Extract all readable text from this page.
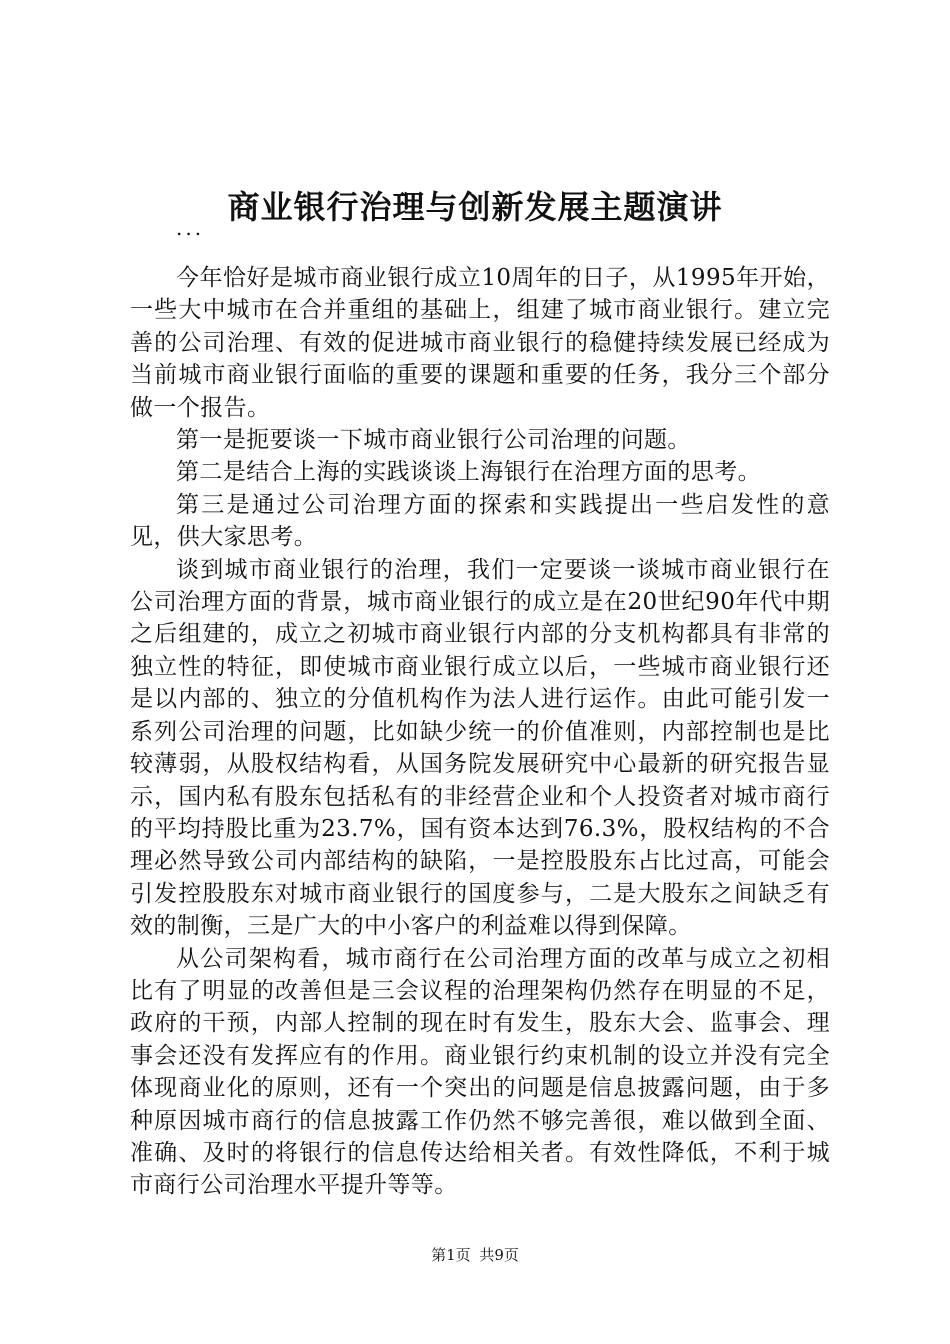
商业银行治理与创新发展主题演讲
...

今年恰好是城市商业银行成立10周年的日子，从1995年开始，一些大中城市在合并重组的基础上，组建了城市商业银行。建立完善的公司治理、有效的促进城市商业银行的稳健持续发展已经成为当前城市商业银行面临的重要的课题和重要的任务，我分三个部分做一个报告。

第一是扼要谈一下城市商业银行公司治理的问题。

第二是结合上海的实践谈谈上海银行在治理方面的思考。

第三是通过公司治理方面的探索和实践提出一些启发性的意见，供大家思考。

谈到城市商业银行的治理，我们一定要谈一谈城市商业银行在公司治理方面的背景，城市商业银行的成立是在20世纪90年代中期之后组建的，成立之初城市商业银行内部的分支机构都具有非常的独立性的特征，即使城市商业银行成立以后，一些城市商业银行还是以内部的、独立的分值机构作为法人进行运作。由此可能引发一系列公司治理的问题，比如缺少统一的价值准则，内部控制也是比较薄弱，从股权结构看，从国务院发展研究中心最新的研究报告显示，国内私有股东包括私有的非经营企业和个人投资者对城市商行的平均持股比重为23.7%，国有资本达到76.3%，股权结构的不合理必然导致公司内部结构的缺陷，一是控股股东占比过高，可能会引发控股股东对城市商业银行的国度参与，二是大股东之间缺乏有效的制衡，三是广大的中小客户的利益难以得到保障。

从公司架构看，城市商行在公司治理方面的改革与成立之初相比有了明显的改善但是三会议程的治理架构仍然存在明显的不足，政府的干预，内部人控制的现在时有发生，股东大会、监事会、理事会还没有发挥应有的作用。商业银行约束机制的设立并没有完全体现商业化的原则，还有一个突出的问题是信息披露问题，由于多种原因城市商行的信息披露工作仍然不够完善很，难以做到全面、准确、及时的将银行的信息传达给相关者。有效性降低，不利于城市商行公司治理水平提升等等。

第1页 共9页
